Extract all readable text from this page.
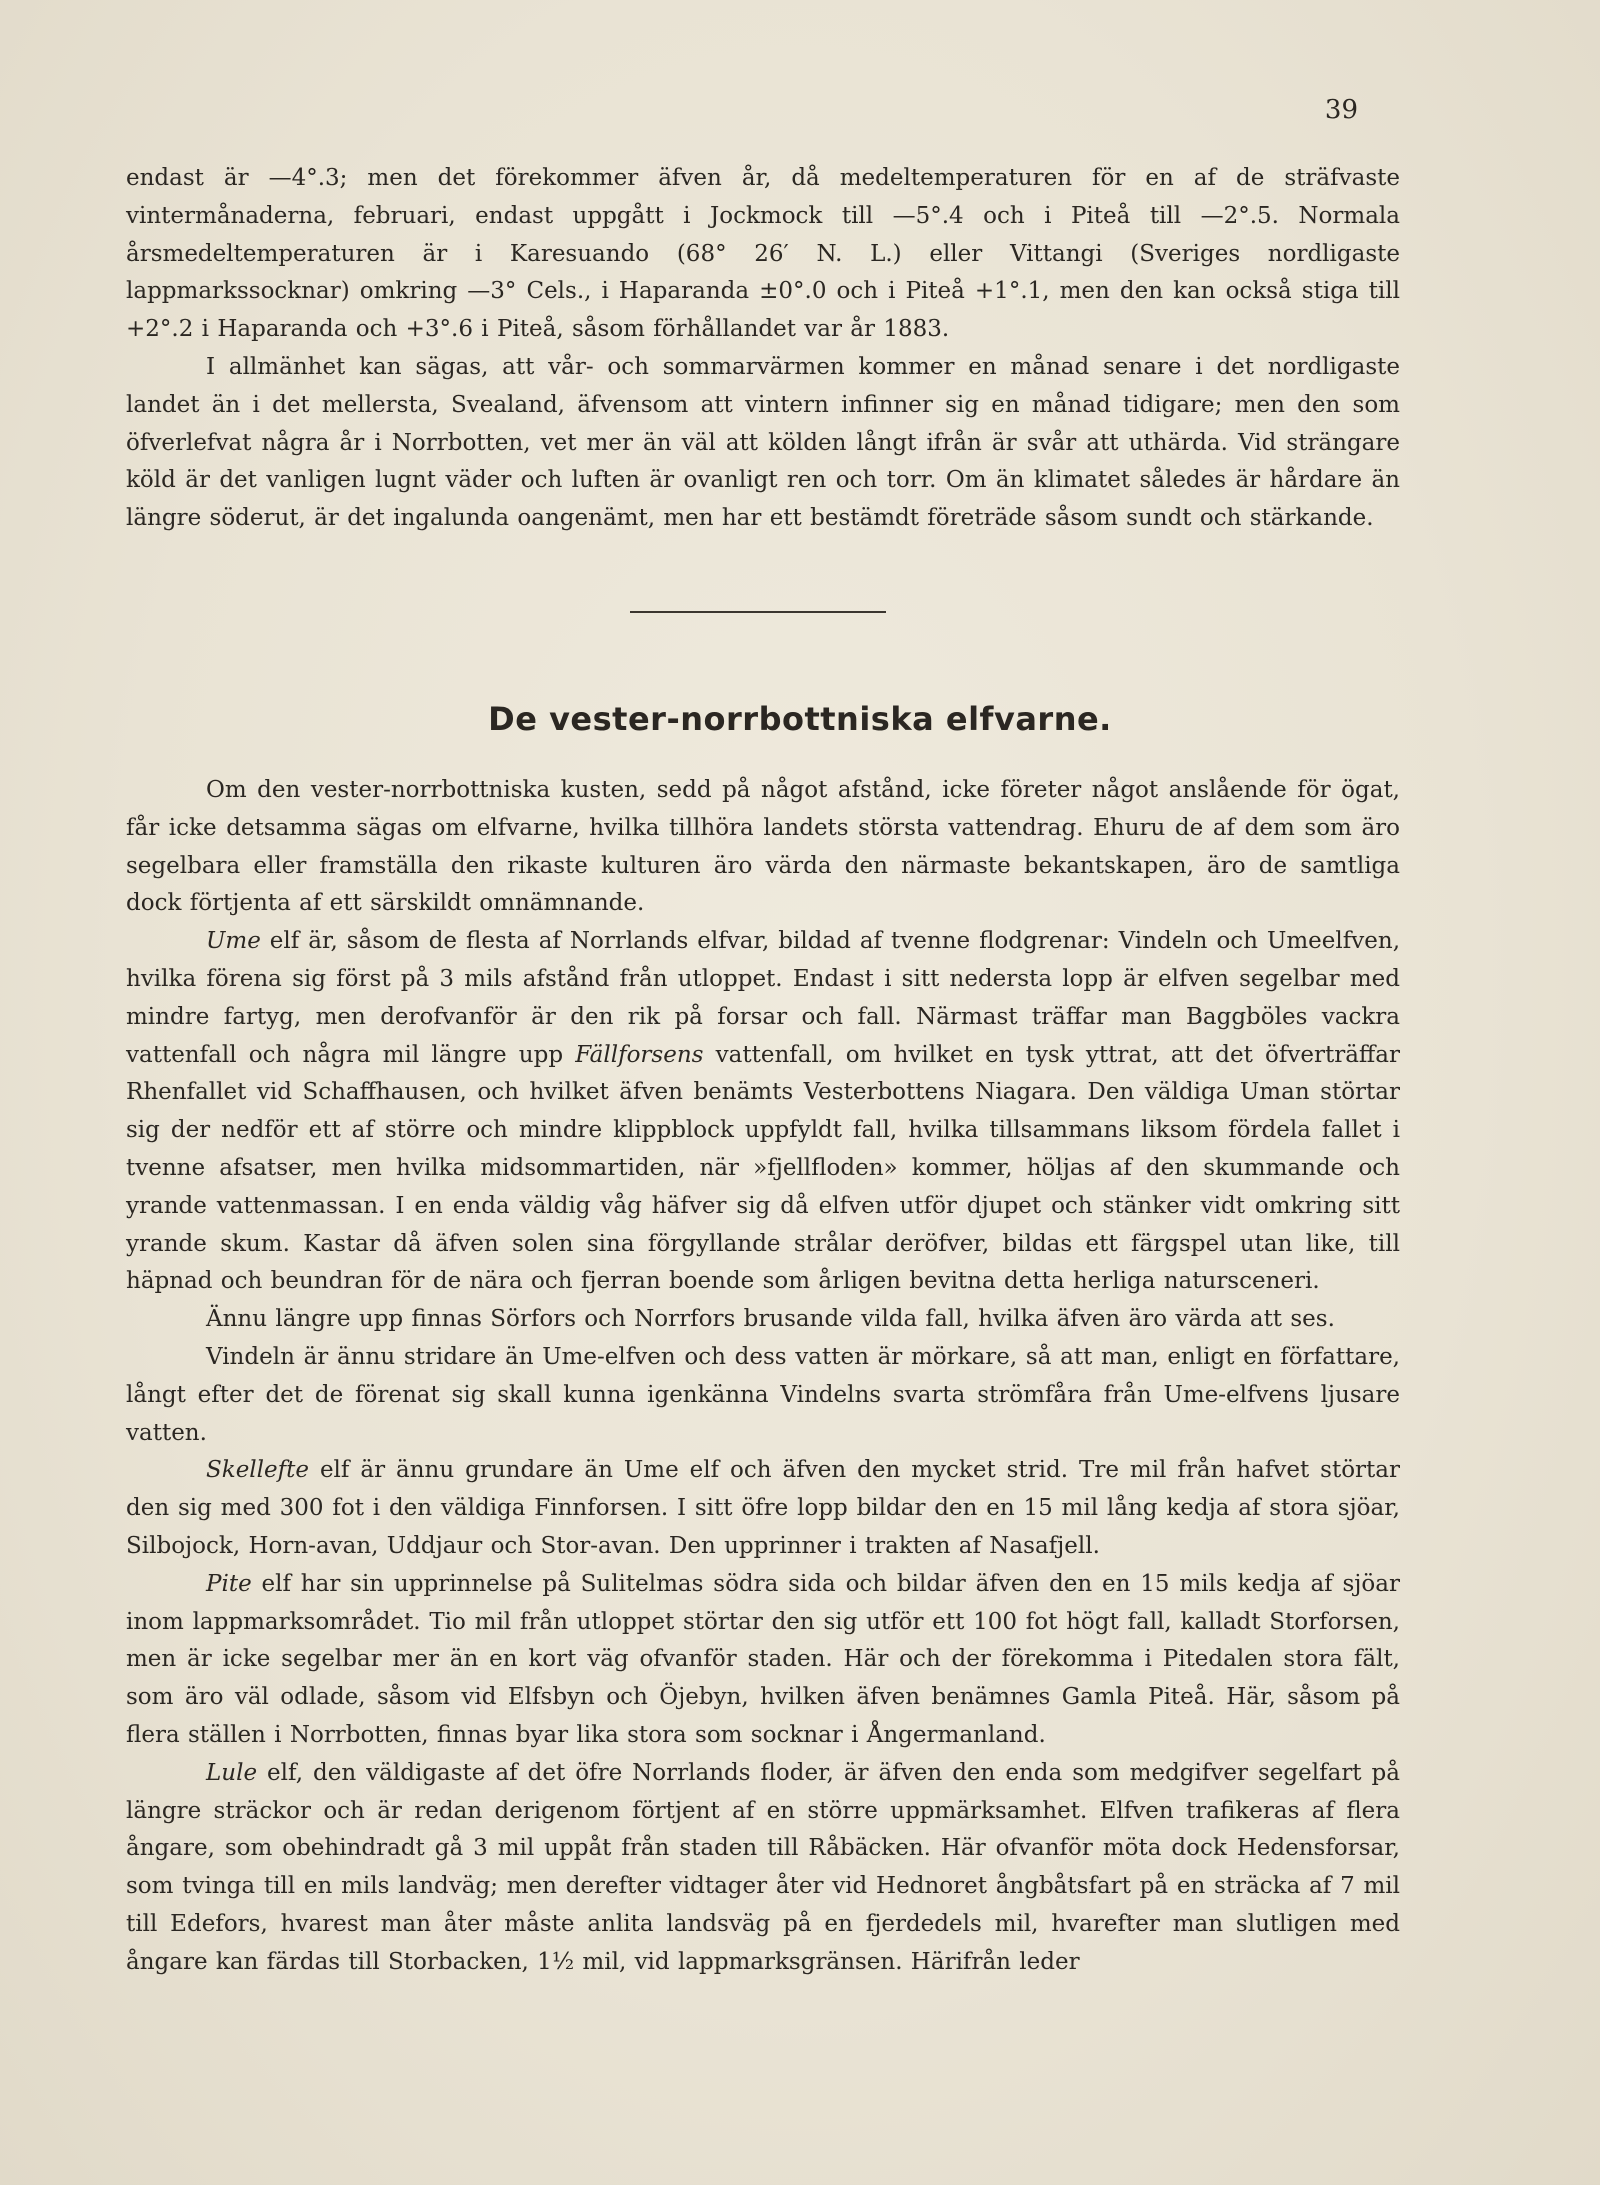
39

endast är —4°.3; men det förekommer äfven år, då medeltemperaturen för en af de sträfvaste vintermånaderna, februari, endast uppgått i Jockmock till —5°.4 och i Piteå till —2°.5. Normala årsmedeltemperaturen är i Karesuando (68° 26′ N. L.) eller Vittangi (Sveriges nordligaste lappmarkssocknar) omkring —3° Cels., i Haparanda ±0°.0 och i Piteå +1°.1, men den kan också stiga till +2°.2 i Haparanda och +3°.6 i Piteå, såsom förhållandet var år 1883.

I allmänhet kan sägas, att vår- och sommarvärmen kommer en månad senare i det nordligaste landet än i det mellersta, Svealand, äfvensom att vintern infinner sig en månad tidigare; men den som öfverlefvat några år i Norrbotten, vet mer än väl att kölden långt ifrån är svår att uthärda. Vid strängare köld är det vanligen lugnt väder och luften är ovanligt ren och torr. Om än klimatet således är hårdare än längre söderut, är det ingalunda oangenämt, men har ett bestämdt företräde såsom sundt och stärkande.

De vester-norrbottniska elfvarne.

Om den vester-norrbottniska kusten, sedd på något afstånd, icke företer något anslående för ögat, får icke detsamma sägas om elfvarne, hvilka tillhöra landets största vattendrag. Ehuru de af dem som äro segelbara eller framställa den rikaste kulturen äro värda den närmaste bekantskapen, äro de samtliga dock förtjenta af ett särskildt omnämnande.

Ume elf är, såsom de flesta af Norrlands elfvar, bildad af tvenne flodgrenar: Vindeln och Umeelfven, hvilka förena sig först på 3 mils afstånd från utloppet. Endast i sitt nedersta lopp är elfven segelbar med mindre fartyg, men derofvanför är den rik på forsar och fall. Närmast träffar man Baggböles vackra vattenfall och några mil längre upp Fällforsens vattenfall, om hvilket en tysk yttrat, att det öfverträffar Rhenfallet vid Schaffhausen, och hvilket äfven benämts Vesterbottens Niagara. Den väldiga Uman störtar sig der nedför ett af större och mindre klippblock uppfyldt fall, hvilka tillsammans liksom fördela fallet i tvenne afsatser, men hvilka midsommartiden, när »fjellfloden» kommer, höljas af den skummande och yrande vattenmassan. I en enda väldig våg häfver sig då elfven utför djupet och stänker vidt omkring sitt yrande skum. Kastar då äfven solen sina förgyllande strålar deröfver, bildas ett färgspel utan like, till häpnad och beundran för de nära och fjerran boende som årligen bevitna detta herliga natursceneri.

Ännu längre upp finnas Sörfors och Norrfors brusande vilda fall, hvilka äfven äro värda att ses.

Vindeln är ännu stridare än Ume-elfven och dess vatten är mörkare, så att man, enligt en författare, långt efter det de förenat sig skall kunna igenkänna Vindelns svarta strömfåra från Ume-elfvens ljusare vatten.

Skellefte elf är ännu grundare än Ume elf och äfven den mycket strid. Tre mil från hafvet störtar den sig med 300 fot i den väldiga Finnforsen. I sitt öfre lopp bildar den en 15 mil lång kedja af stora sjöar, Silbojock, Horn-avan, Uddjaur och Stor-avan. Den upprinner i trakten af Nasafjell.

Pite elf har sin upprinnelse på Sulitelmas södra sida och bildar äfven den en 15 mils kedja af sjöar inom lappmarksområdet. Tio mil från utloppet störtar den sig utför ett 100 fot högt fall, kalladt Storforsen, men är icke segelbar mer än en kort väg ofvanför staden. Här och der förekomma i Pitedalen stora fält, som äro väl odlade, såsom vid Elfsbyn och Öjebyn, hvilken äfven benämnes Gamla Piteå. Här, såsom på flera ställen i Norrbotten, finnas byar lika stora som socknar i Ångermanland.

Lule elf, den väldigaste af det öfre Norrlands floder, är äfven den enda som medgifver segelfart på längre sträckor och är redan derigenom förtjent af en större uppmärksamhet. Elfven trafikeras af flera ångare, som obehindradt gå 3 mil uppåt från staden till Råbäcken. Här ofvanför möta dock Hedensforsar, som tvinga till en mils landväg; men derefter vidtager åter vid Hednoret ångbåtsfart på en sträcka af 7 mil till Edefors, hvarest man åter måste anlita landsväg på en fjerdedels mil, hvarefter man slutligen med ångare kan färdas till Storbacken, 1½ mil, vid lappmarksgränsen. Härifrån leder
